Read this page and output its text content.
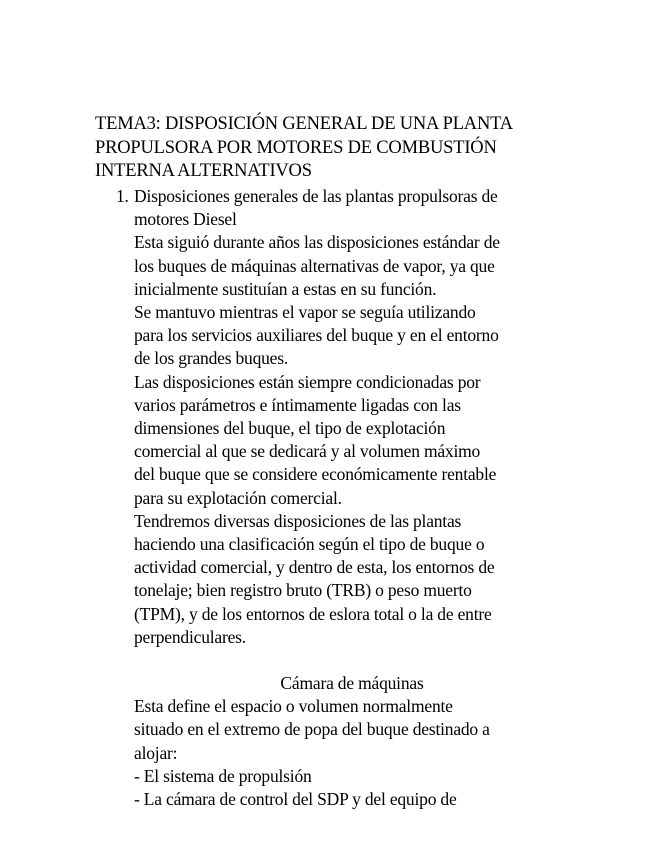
TEMA3: DISPOSICIÓN GENERAL DE UNA PLANTA
PROPULSORA POR MOTORES DE COMBUSTIÓN
INTERNA ALTERNATIVOS
1. Disposiciones generales de las plantas propulsoras de
motores Diesel
Esta siguió durante años las disposiciones estándar de
los buques de máquinas alternativas de vapor, ya que
inicialmente sustituían a estas en su función.
Se mantuvo mientras el vapor se seguía utilizando
para los servicios auxiliares del buque y en el entorno
de los grandes buques.
Las disposiciones están siempre condicionadas por
varios parámetros e íntimamente ligadas con las
dimensiones del buque, el tipo de explotación
comercial al que se dedicará y al volumen máximo
del buque que se considere económicamente rentable
para su explotación comercial.
Tendremos diversas disposiciones de las plantas
haciendo una clasificación según el tipo de buque o
actividad comercial, y dentro de esta, los entornos de
tonelaje; bien registro bruto (TRB) o peso muerto
(TPM), y de los entornos de eslora total o la de entre
perpendiculares.
Cámara de máquinas
Esta define el espacio o volumen normalmente
situado en el extremo de popa del buque destinado a
alojar:
- El sistema de propulsión
- La cámara de control del SDP y del equipo de
